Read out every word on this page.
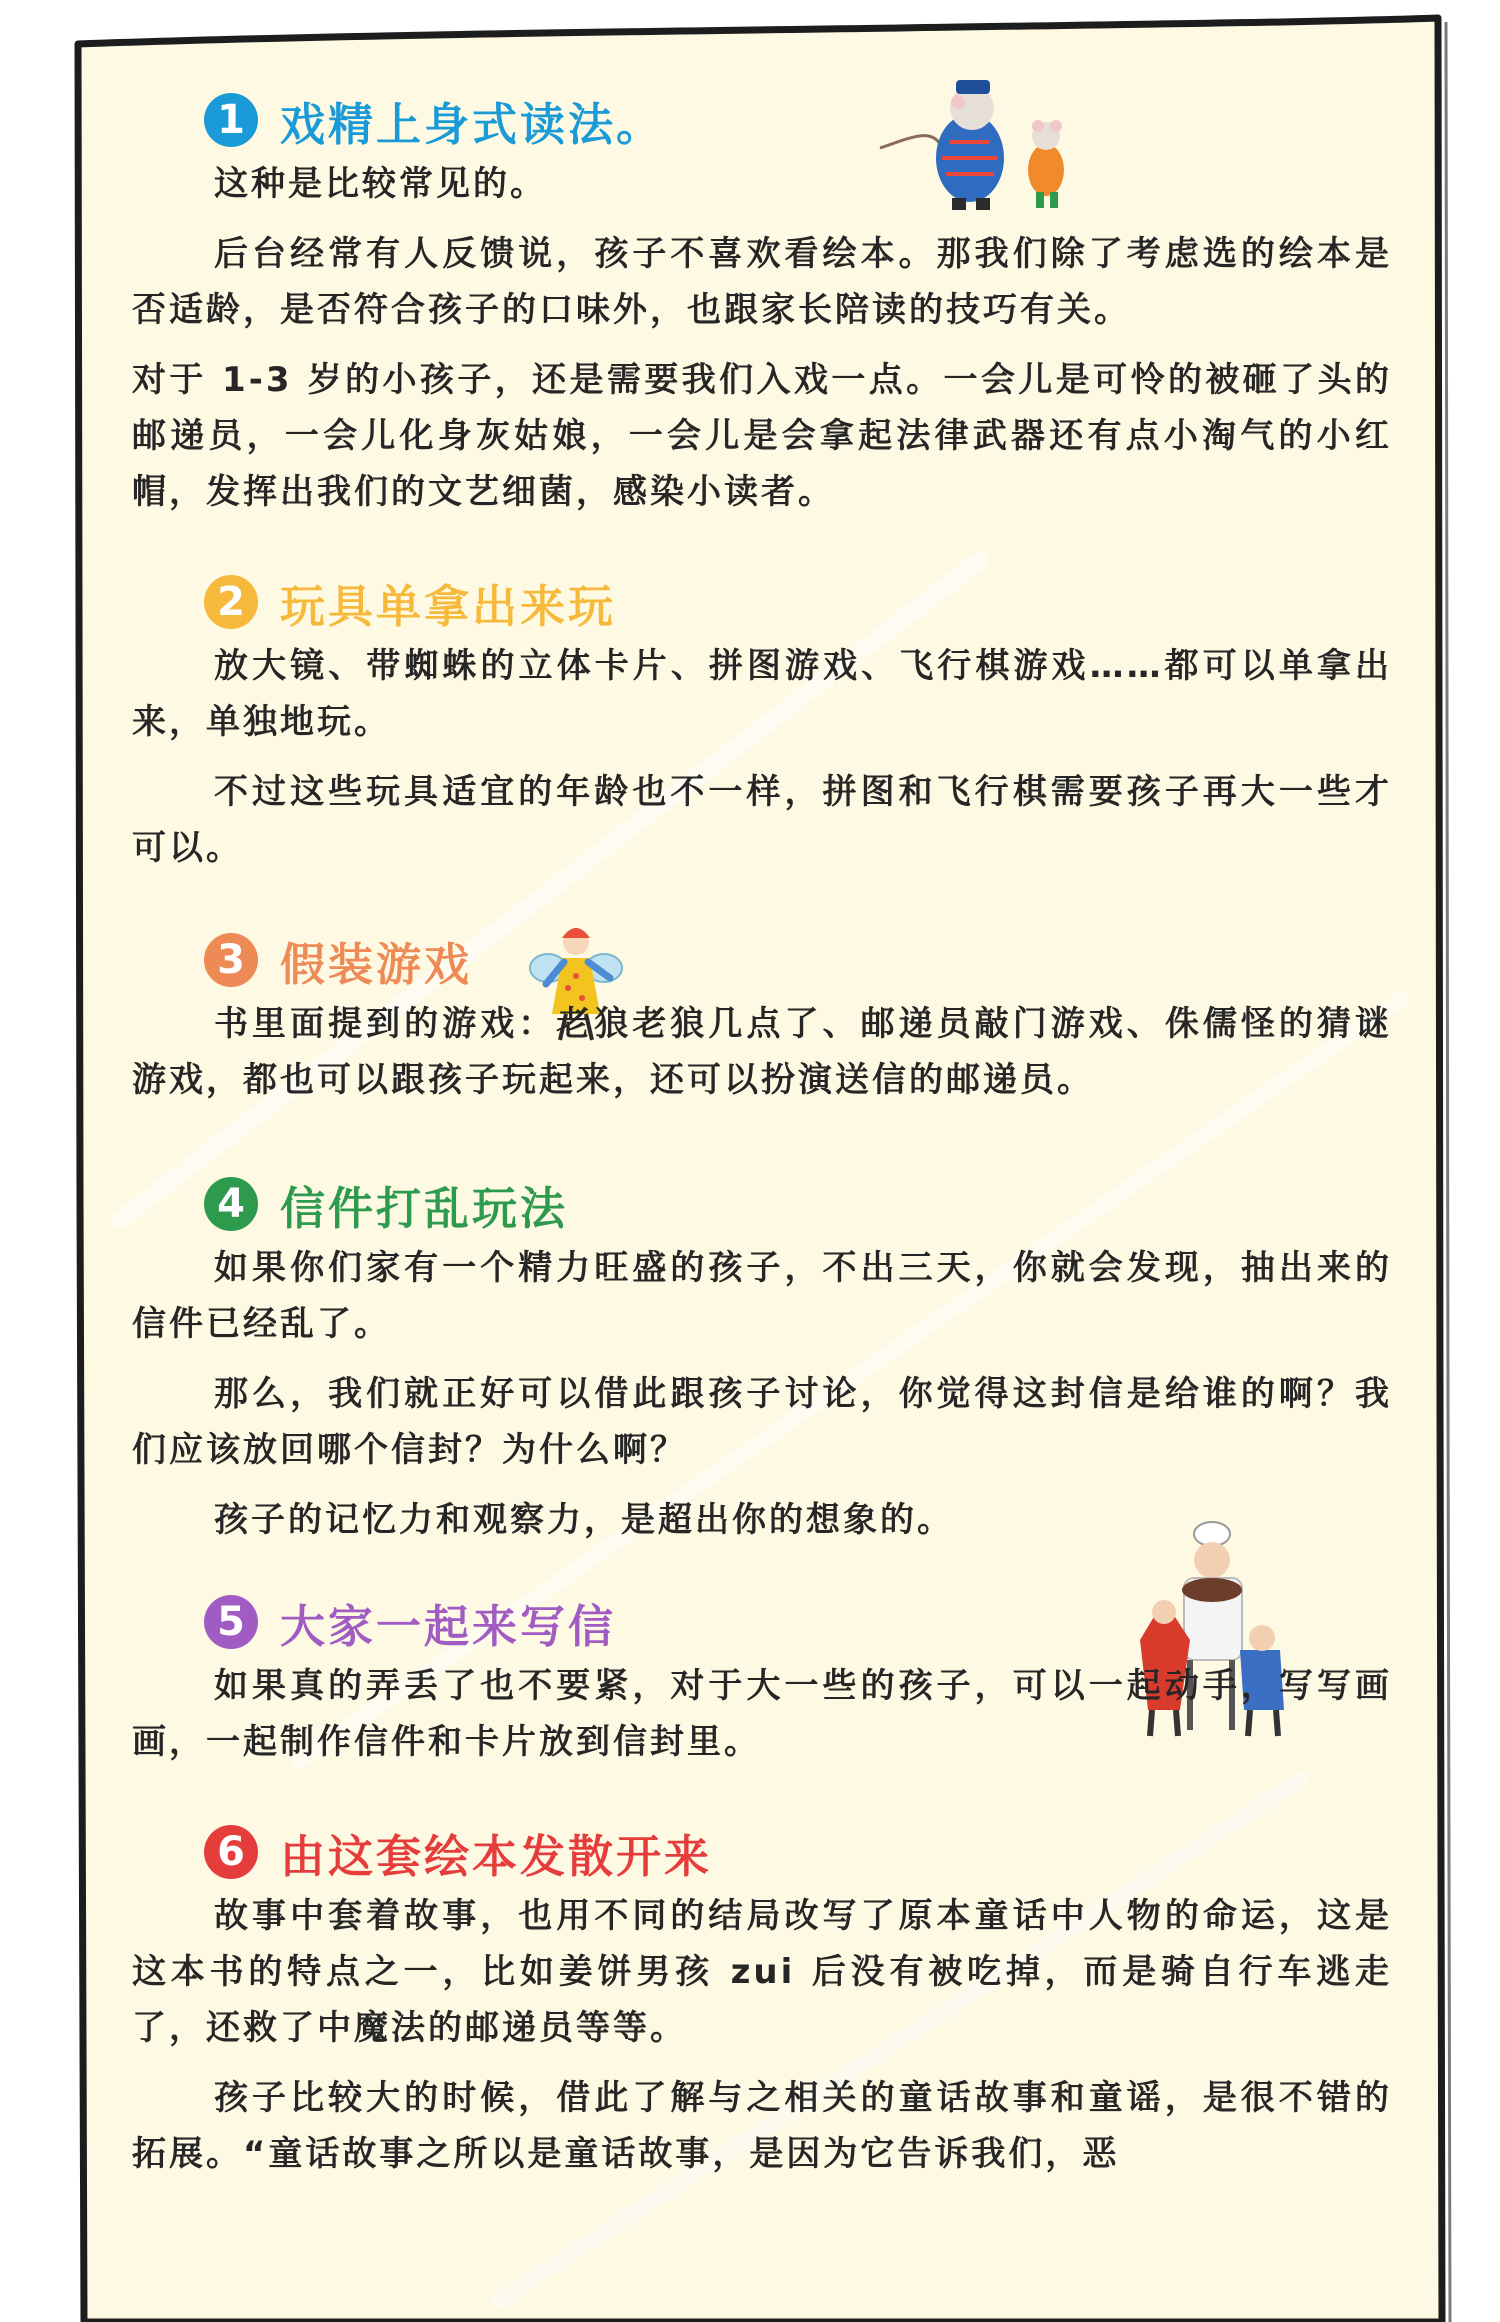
1 戏精上身式读法。

这种是比较常见的。

后台经常有人反馈说，孩子不喜欢看绘本。那我们除了考虑选的绘本是否适龄，是否符合孩子的口味外，也跟家长陪读的技巧有关。

对于 1-3 岁的小孩子，还是需要我们入戏一点。一会儿是可怜的被砸了头的邮递员，一会儿化身灰姑娘，一会儿是会拿起法律武器还有点小淘气的小红帽，发挥出我们的文艺细菌，感染小读者。

2 玩具单拿出来玩

放大镜、带蜘蛛的立体卡片、拼图游戏、飞行棋游戏……都可以单拿出来，单独地玩。

不过这些玩具适宜的年龄也不一样，拼图和飞行棋需要孩子再大一些才可以。

3 假装游戏

书里面提到的游戏：老狼老狼几点了、邮递员敲门游戏、侏儒怪的猜谜游戏，都也可以跟孩子玩起来，还可以扮演送信的邮递员。

4 信件打乱玩法

如果你们家有一个精力旺盛的孩子，不出三天，你就会发现，抽出来的信件已经乱了。

那么，我们就正好可以借此跟孩子讨论，你觉得这封信是给谁的啊？我们应该放回哪个信封？为什么啊？

孩子的记忆力和观察力，是超出你的想象的。

5 大家一起来写信

如果真的弄丢了也不要紧，对于大一些的孩子，可以一起动手，写写画画，一起制作信件和卡片放到信封里。

6 由这套绘本发散开来

故事中套着故事，也用不同的结局改写了原本童话中人物的命运，这是这本书的特点之一，比如姜饼男孩 zui 后没有被吃掉，而是骑自行车逃走了，还救了中魔法的邮递员等等。

孩子比较大的时候，借此了解与之相关的童话故事和童谣，是很不错的拓展。“童话故事之所以是童话故事，是因为它告诉我们，恶
